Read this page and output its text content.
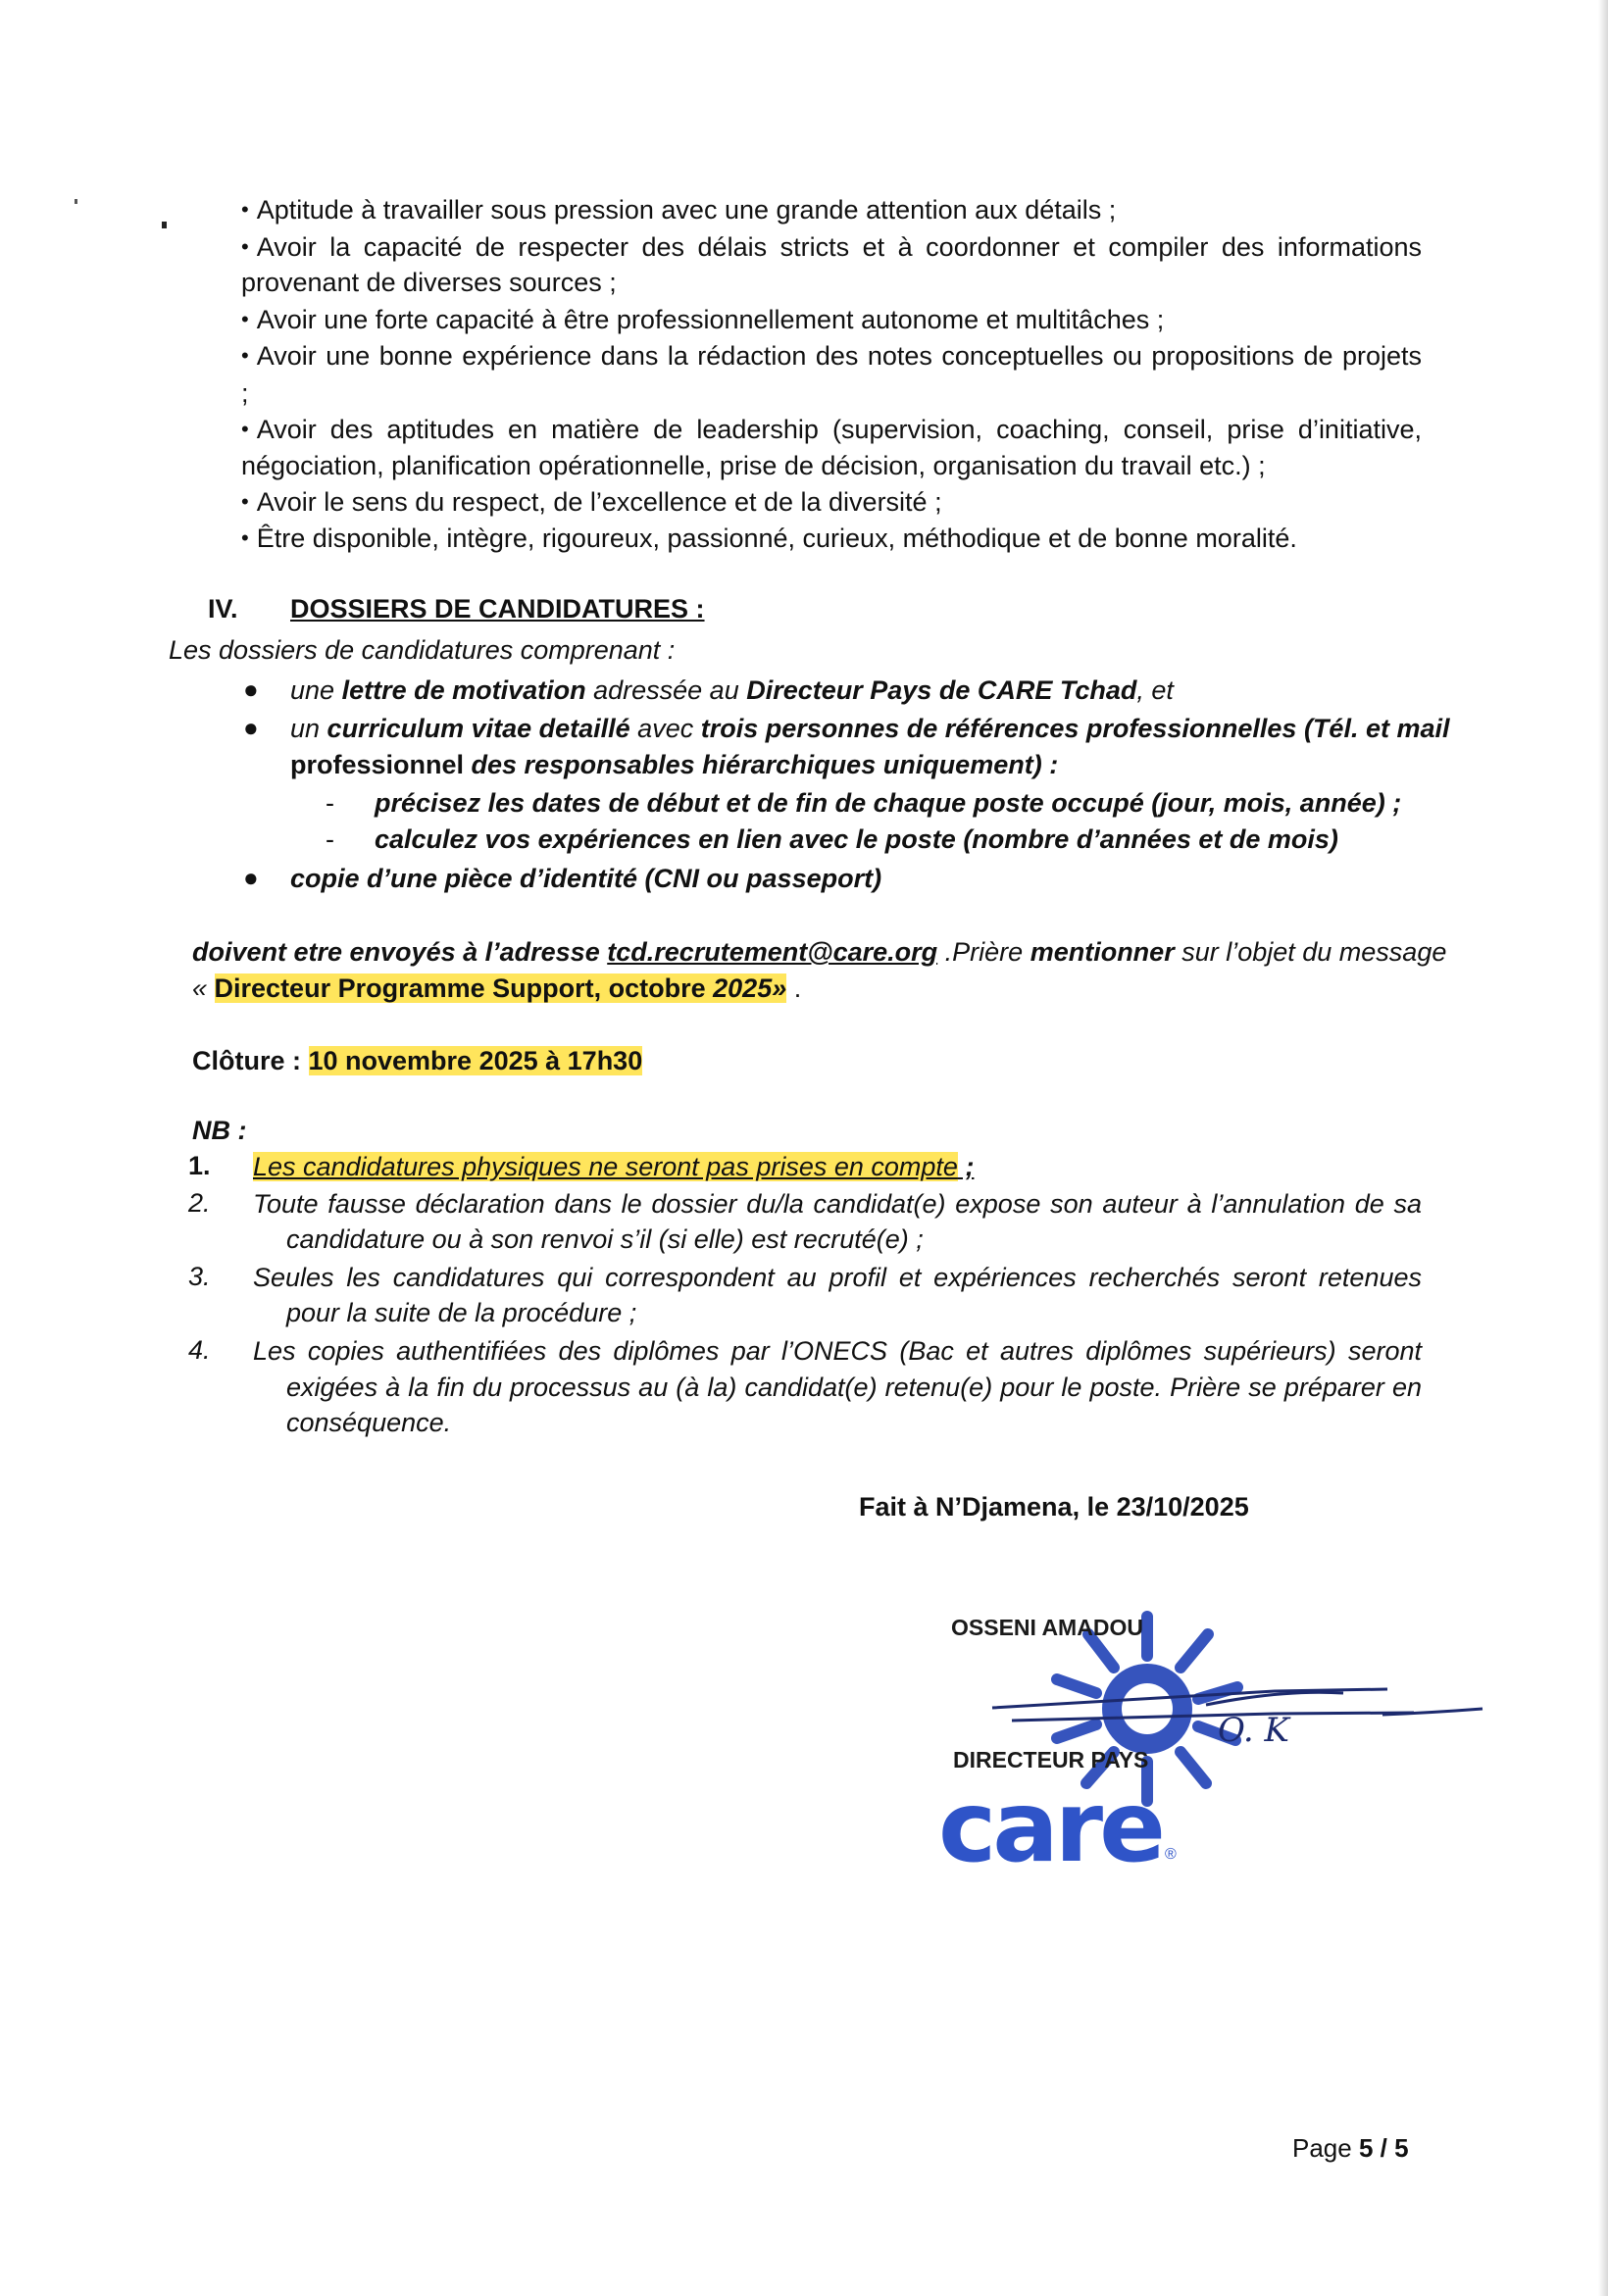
• Aptitude à travailler sous pression avec une grande attention aux détails ;
• Avoir la capacité de respecter des délais stricts et à coordonner et compiler des informations
provenant de diverses sources ;
• Avoir une forte capacité à être professionnellement autonome et multitâches ;
• Avoir une bonne expérience dans la rédaction des notes conceptuelles ou propositions de projets
;
• Avoir des aptitudes en matière de leadership (supervision, coaching, conseil, prise d’initiative,
négociation, planification opérationnelle, prise de décision, organisation du travail etc.) ;
• Avoir le sens du respect, de l’excellence et de la diversité ;
• Être disponible, intègre, rigoureux, passionné, curieux, méthodique et de bonne moralité.
IV. DOSSIERS DE CANDIDATURES :
Les dossiers de candidatures comprenant :
● une lettre de motivation adressée au Directeur Pays de CARE Tchad, et
● un curriculum vitae detaillé avec trois personnes de références professionnelles (Tél. et mail
professionnel des responsables hiérarchiques uniquement) :
- précisez les dates de début et de fin de chaque poste occupé (jour, mois, année) ;
- calculez vos expériences en lien avec le poste (nombre d’années et de mois)
● copie d’une pièce d’identité (CNI ou passeport)
doivent etre envoyés à l’adresse tcd.recrutement@care.org .Prière mentionner sur l’objet du message
« Directeur Programme Support, octobre 2025» .
Clôture : 10 novembre 2025 à 17h30
NB :
1. Les candidatures physiques ne seront pas prises en compte ;
2. Toute fausse déclaration dans le dossier du/la candidat(e) expose son auteur à l’annulation de sa
candidature ou à son renvoi s’il (si elle) est recruté(e) ;
3. Seules les candidatures qui correspondent au profil et expériences recherchés seront retenues
pour la suite de la procédure ;
4. Les copies authentifiées des diplômes par l’ONECS (Bac et autres diplômes supérieurs) seront
exigées à la fin du processus au (à la) candidat(e) retenu(e) pour le poste. Prière se préparer en
conséquence.
Fait à N’Djamena, le 23/10/2025
OSSENI AMADOU
O. K
DIRECTEUR PAYS
care ®
Page 5 / 5
